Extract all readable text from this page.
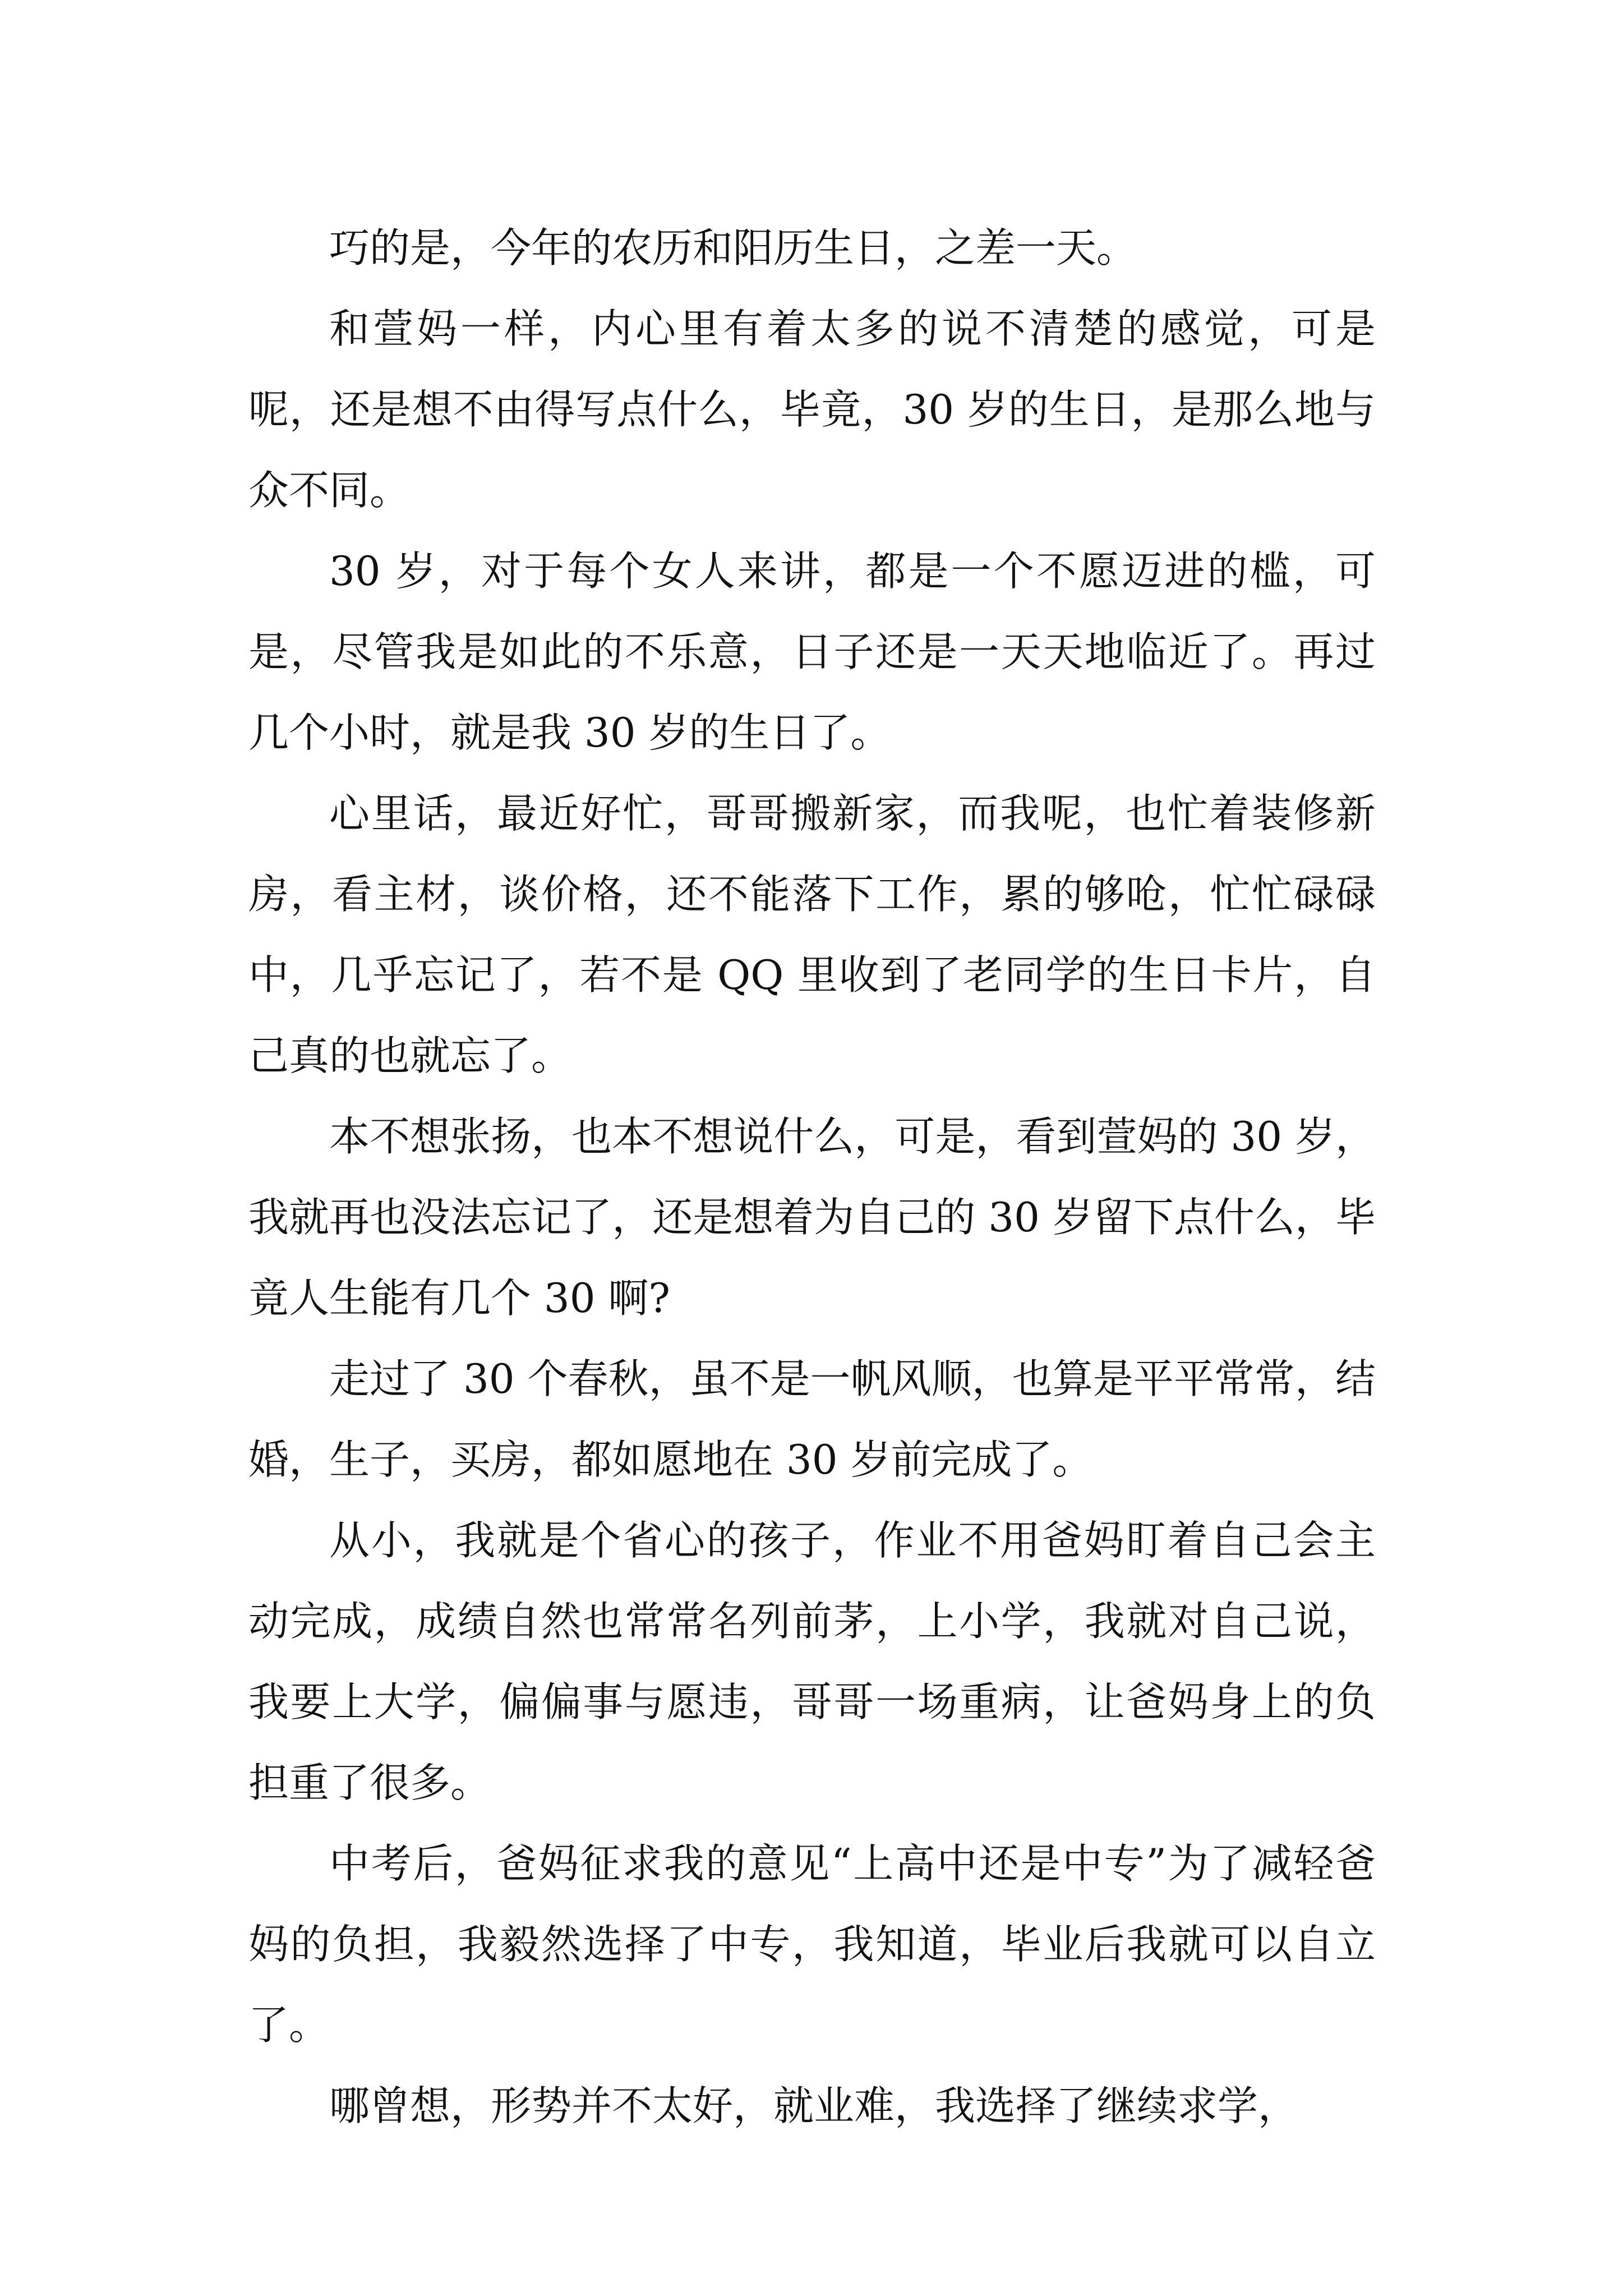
巧的是，今年的农历和阳历生日，之差一天。

和萱妈一样，内心里有着太多的说不清楚的感觉，可是呢，还是想不由得写点什么，毕竟，30 岁的生日，是那么地与众不同。

30 岁，对于每个女人来讲，都是一个不愿迈进的槛，可是，尽管我是如此的不乐意，日子还是一天天地临近了。再过几个小时，就是我 30 岁的生日了。

心里话，最近好忙，哥哥搬新家，而我呢，也忙着装修新房，看主材，谈价格，还不能落下工作，累的够呛，忙忙碌碌中，几乎忘记了，若不是 QQ 里收到了老同学的生日卡片，自己真的也就忘了。

本不想张扬，也本不想说什么，可是，看到萱妈的 30 岁，我就再也没法忘记了，还是想着为自己的 30 岁留下点什么，毕竟人生能有几个 30 啊?

走过了 30 个春秋，虽不是一帆风顺，也算是平平常常，结婚，生子，买房，都如愿地在 30 岁前完成了。

从小，我就是个省心的孩子，作业不用爸妈盯着自己会主动完成，成绩自然也常常名列前茅，上小学，我就对自己说，我要上大学，偏偏事与愿违，哥哥一场重病，让爸妈身上的负担重了很多。

中考后，爸妈征求我的意见“上高中还是中专”为了减轻爸妈的负担，我毅然选择了中专，我知道，毕业后我就可以自立了。

哪曾想，形势并不太好，就业难，我选择了继续求学，
